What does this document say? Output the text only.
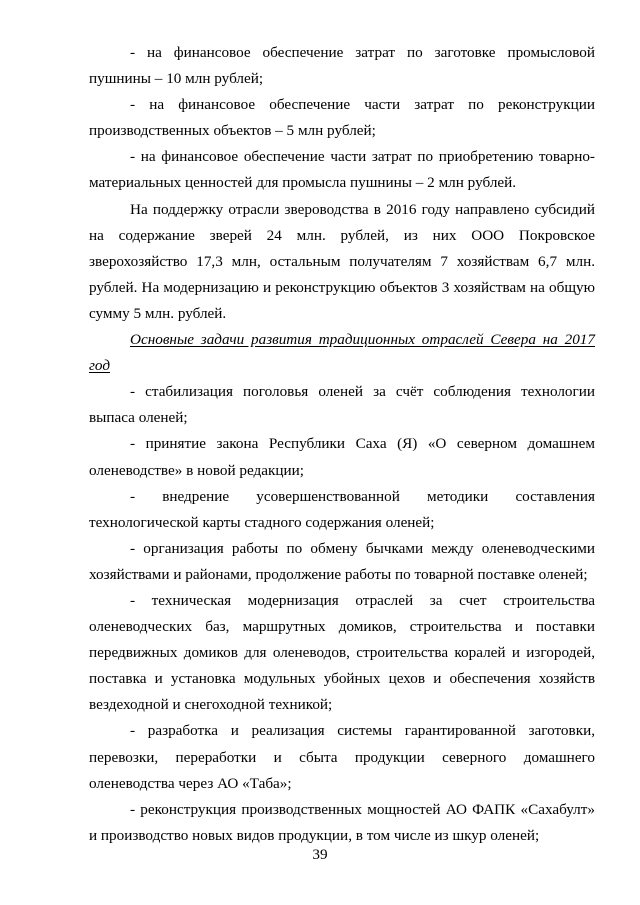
- на финансовое обеспечение затрат по заготовке промысловой пушнины – 10 млн рублей;

- на финансовое обеспечение части затрат по реконструкции производственных объектов – 5 млн рублей;

- на финансовое обеспечение части затрат по приобретению товарно-материальных ценностей для промысла пушнины – 2 млн рублей.

На поддержку отрасли звероводства в 2016 году направлено субсидий на содержание зверей 24 млн. рублей, из них ООО Покровское зверохозяйство 17,3 млн, остальным получателям 7 хозяйствам 6,7 млн. рублей. На модернизацию и реконструкцию объектов 3 хозяйствам на общую сумму 5 млн. рублей.

Основные задачи развития традиционных отраслей Севера на 2017 год

- стабилизация поголовья оленей за счёт соблюдения технологии выпаса оленей;

- принятие закона Республики Саха (Я) «О северном домашнем оленеводстве» в новой редакции;

- внедрение усовершенствованной методики составления технологической карты стадного содержания оленей;

- организация работы по обмену бычками между оленеводческими хозяйствами и районами, продолжение работы по товарной поставке оленей;

- техническая модернизация отраслей за счет строительства оленеводческих баз, маршрутных домиков, строительства и поставки передвижных домиков для оленеводов, строительства коралей и изгородей, поставка и установка модульных убойных цехов и обеспечения хозяйств вездеходной и снегоходной техникой;

- разработка и реализация системы гарантированной заготовки, перевозки, переработки и сбыта продукции северного домашнего оленеводства через АО «Таба»;

- реконструкция производственных мощностей АО ФАПК «Сахабулт» и производство новых видов продукции, в том числе из шкур оленей;

39
